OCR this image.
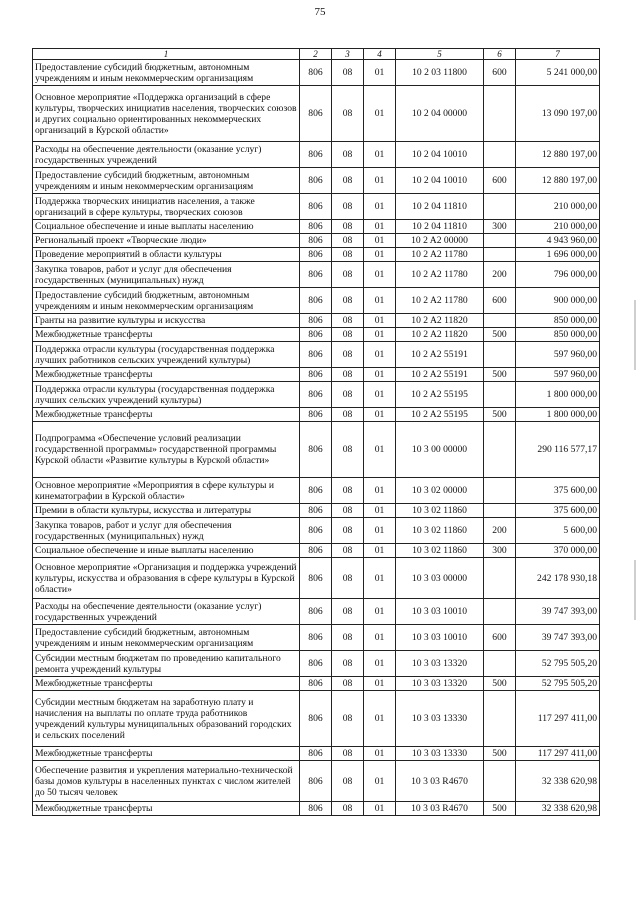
75
1	2	3	4	5	6	7
Предоставление субсидий бюджетным, автономным учреждениям и иным некоммерческим организациям	806	08	01	10 2 03 11800	600	5 241 000,00
Основное мероприятие «Поддержка организаций в сфере культуры, творческих инициатив населения, творческих союзов и других социально ориентированных некоммерческих организаций в Курской области»	806	08	01	10 2 04 00000		13 090 197,00
Расходы на обеспечение деятельности (оказание услуг) государственных учреждений	806	08	01	10 2 04 10010		12 880 197,00
Предоставление субсидий бюджетным, автономным учреждениям и иным некоммерческим организациям	806	08	01	10 2 04 10010	600	12 880 197,00
Поддержка творческих инициатив населения, а также организаций в сфере культуры, творческих союзов	806	08	01	10 2 04 11810		210 000,00
Социальное обеспечение и иные выплаты населению	806	08	01	10 2 04 11810	300	210 000,00
Региональный проект «Творческие люди»	806	08	01	10 2 A2 00000		4 943 960,00
Проведение мероприятий в области культуры	806	08	01	10 2 A2 11780		1 696 000,00
Закупка товаров, работ и услуг для обеспечения государственных (муниципальных) нужд	806	08	01	10 2 A2 11780	200	796 000,00
Предоставление субсидий бюджетным, автономным учреждениям и иным некоммерческим организациям	806	08	01	10 2 A2 11780	600	900 000,00
Гранты на развитие культуры и искусства	806	08	01	10 2 A2 11820		850 000,00
Межбюджетные трансферты	806	08	01	10 2 A2 11820	500	850 000,00
Поддержка отрасли культуры (государственная поддержка лучших работников сельских учреждений культуры)	806	08	01	10 2 A2 55191		597 960,00
Межбюджетные трансферты	806	08	01	10 2 A2 55191	500	597 960,00
Поддержка отрасли культуры (государственная поддержка лучших сельских учреждений культуры)	806	08	01	10 2 A2 55195		1 800 000,00
Межбюджетные трансферты	806	08	01	10 2 A2 55195	500	1 800 000,00
Подпрограмма «Обеспечение условий реализации государственной программы» государственной программы Курской области «Развитие культуры в Курской области»	806	08	01	10 3 00 00000		290 116 577,17
Основное мероприятие «Мероприятия в сфере культуры и кинематографии в Курской области»	806	08	01	10 3 02 00000		375 600,00
Премии в области культуры, искусства и литературы	806	08	01	10 3 02 11860		375 600,00
Закупка товаров, работ и услуг для обеспечения государственных (муниципальных) нужд	806	08	01	10 3 02 11860	200	5 600,00
Социальное обеспечение и иные выплаты населению	806	08	01	10 3 02 11860	300	370 000,00
Основное мероприятие «Организация и поддержка учреждений культуры, искусства и образования в сфере культуры в Курской области»	806	08	01	10 3 03 00000		242 178 930,18
Расходы на обеспечение деятельности (оказание услуг) государственных учреждений	806	08	01	10 3 03 10010		39 747 393,00
Предоставление субсидий бюджетным, автономным учреждениям и иным некоммерческим организациям	806	08	01	10 3 03 10010	600	39 747 393,00
Субсидии местным бюджетам по проведению капитального ремонта учреждений культуры	806	08	01	10 3 03 13320		52 795 505,20
Межбюджетные трансферты	806	08	01	10 3 03 13320	500	52 795 505,20
Субсидии местным бюджетам на заработную плату и начисления на выплаты по оплате труда работников учреждений культуры муниципальных образований городских и сельских поселений	806	08	01	10 3 03 13330		117 297 411,00
Межбюджетные трансферты	806	08	01	10 3 03 13330	500	117 297 411,00
Обеспечение развития и укрепления материально-технической базы домов культуры в населенных пунктах с числом жителей до 50 тысяч человек	806	08	01	10 3 03 R4670		32 338 620,98
Межбюджетные трансферты	806	08	01	10 3 03 R4670	500	32 338 620,98
